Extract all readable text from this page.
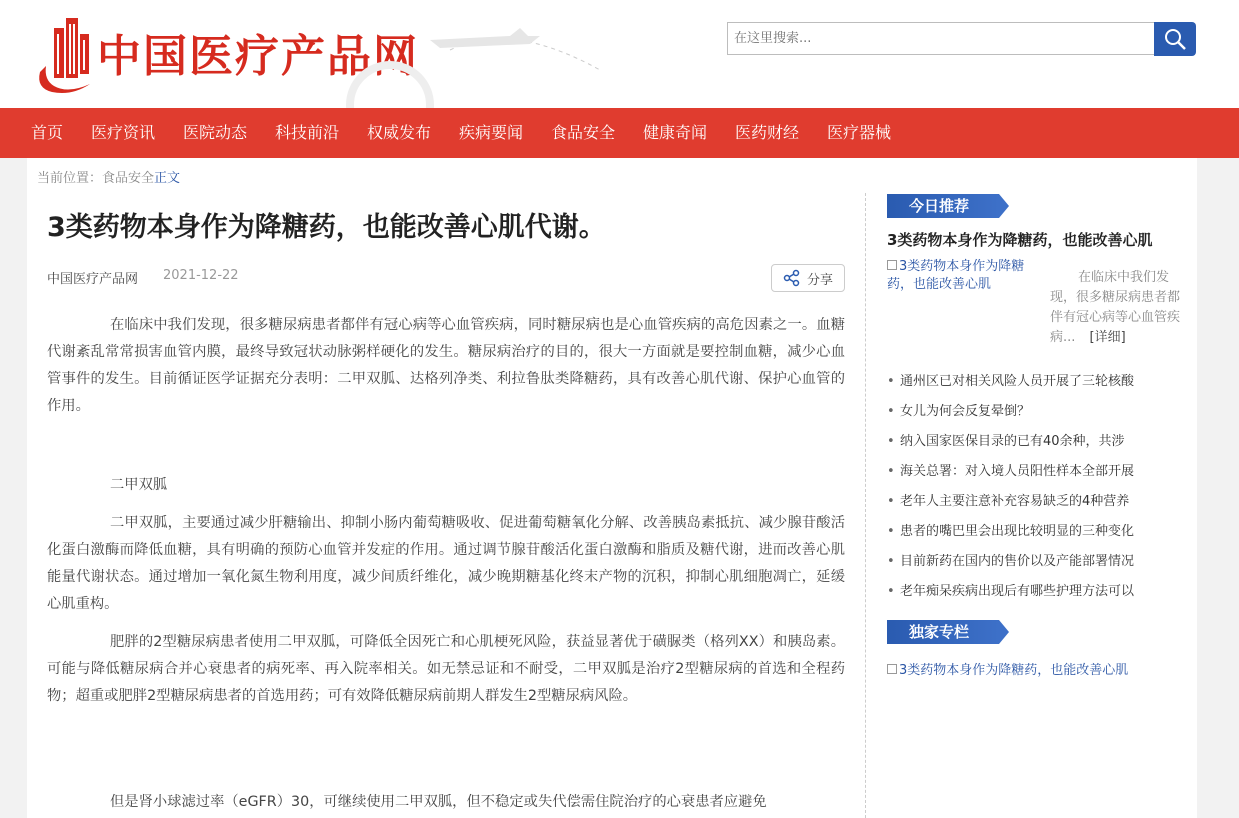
中国医疗产品网
在这里搜索...
首页 医疗资讯 医院动态 科技前沿 权威发布 疾病要闻 食品安全 健康奇闻 医药财经 医疗器械
当前位置：食品安全正文
3类药物本身作为降糖药，也能改善心肌代谢。
中国医疗产品网 2021-12-22	分享
在临床中我们发现，很多糖尿病患者都伴有冠心病等心血管疾病，同时糖尿病也是心血管疾病的高危因素之一。血糖代谢紊乱常常损害血管内膜，最终导致冠状动脉粥样硬化的发生。糖尿病治疗的目的，很大一方面就是要控制血糖，减少心血管事件的发生。目前循证医学证据充分表明：二甲双胍、达格列净类、利拉鲁肽类降糖药，具有改善心肌代谢、保护心血管的作用。
二甲双胍
二甲双胍，主要通过减少肝糖输出、抑制小肠内葡萄糖吸收、促进葡萄糖氧化分解、改善胰岛素抵抗、减少腺苷酸活化蛋白激酶而降低血糖，具有明确的预防心血管并发症的作用。通过调节腺苷酸活化蛋白激酶和脂质及糖代谢，进而改善心肌能量代谢状态。通过增加一氧化氮生物利用度，减少间质纤维化，减少晚期糖基化终末产物的沉积，抑制心肌细胞凋亡，延缓心肌重构。
肥胖的2型糖尿病患者使用二甲双胍，可降低全因死亡和心肌梗死风险，获益显著优于磺脲类（格列XX）和胰岛素。可能与降低糖尿病合并心衰患者的病死率、再入院率相关。如无禁忌证和不耐受，二甲双胍是治疗2型糖尿病的首选和全程药物；超重或肥胖2型糖尿病患者的首选用药；可有效降低糖尿病前期人群发生2型糖尿病风险。
但是肾小球滤过率（eGFR）30，可继续使用二甲双胍，但不稳定或失代偿需住院治疗的心衰患者应避免
今日推荐
3类药物本身作为降糖药，也能改善心肌
3类药物本身作为降糖药，也能改善心肌	在临床中我们发现，很多糖尿病患者都伴有冠心病等心血管疾病... [详细]
• 通州区已对相关风险人员开展了三轮核酸
• 女儿为何会反复晕倒？
• 纳入国家医保目录的已有40余种，共涉
• 海关总署：对入境人员阳性样本全部开展
• 老年人主要注意补充容易缺乏的4种营养
• 患者的嘴巴里会出现比较明显的三种变化
• 目前新药在国内的售价以及产能部署情况
• 老年痴呆疾病出现后有哪些护理方法可以
独家专栏
3类药物本身作为降糖药，也能改善心肌
